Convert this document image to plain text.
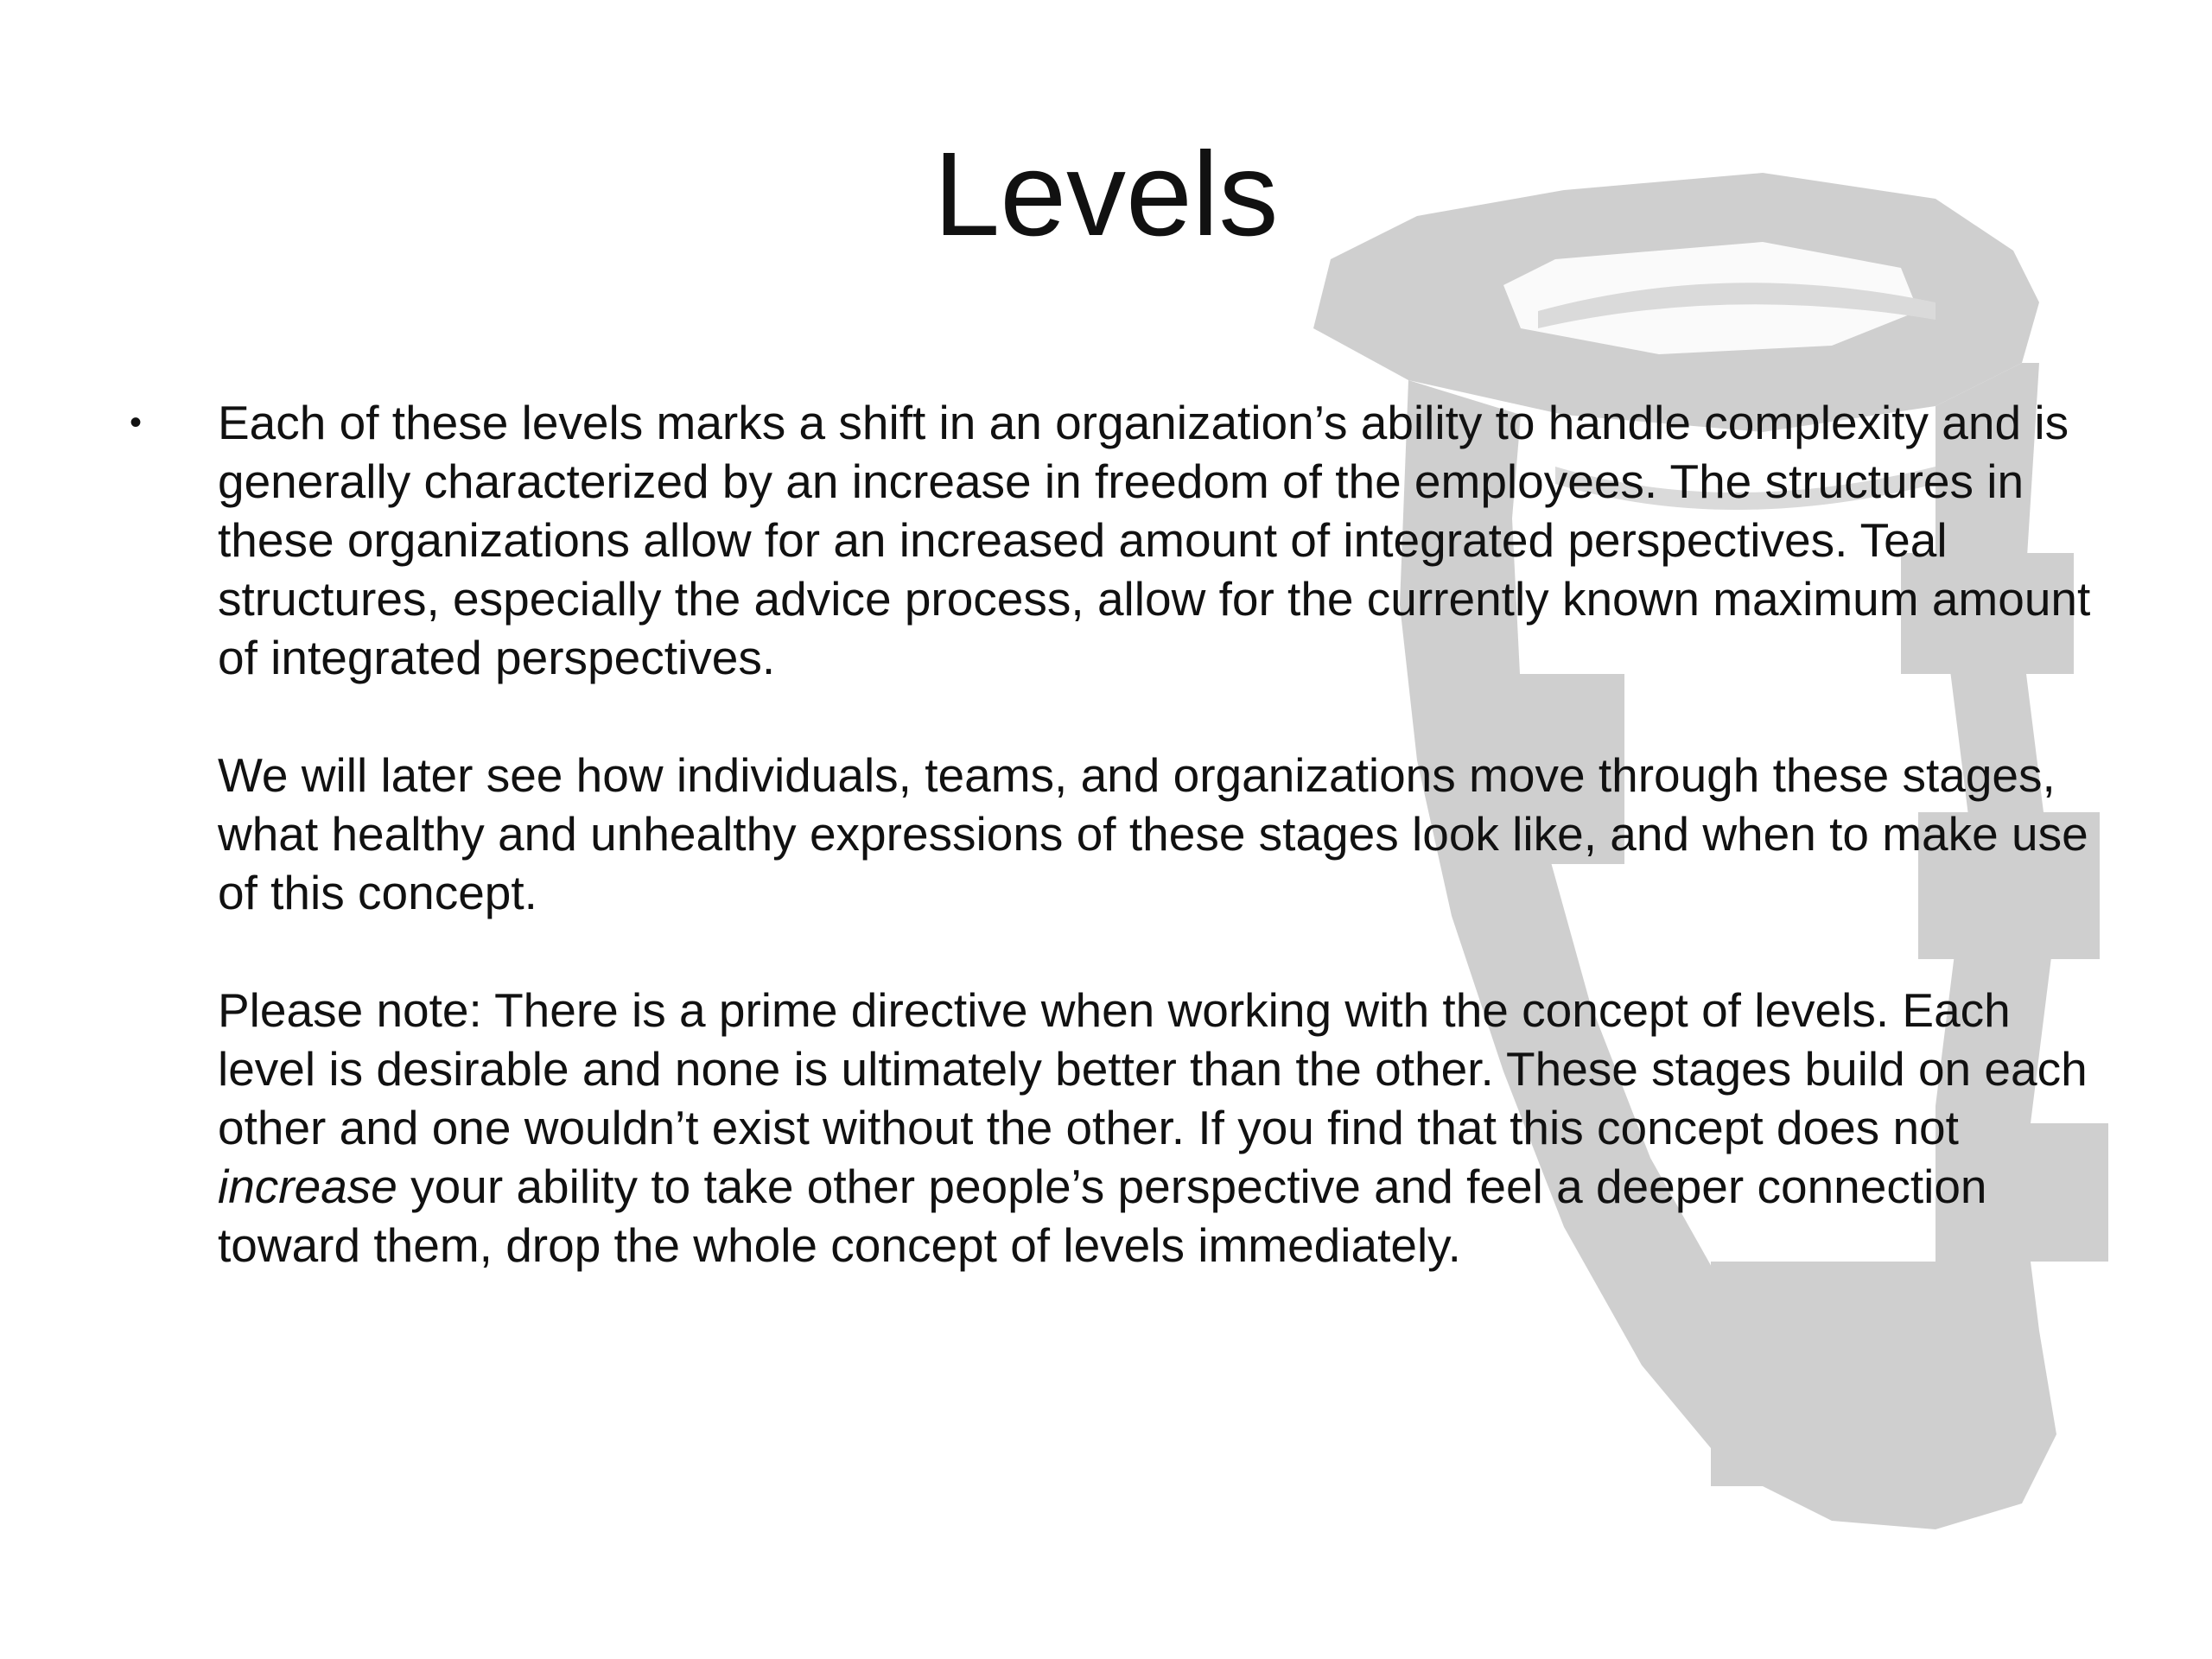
Levels
•	Each of these levels marks a shift in an organization’s ability to handle complexity and is generally characterized by an increase in freedom of the employees. The structures in these organizations allow for an increased amount of integrated perspectives. Teal structures, especially the advice process, allow for the currently known maximum amount of integrated perspectives.

We will later see how individuals, teams, and organizations move through these stages, what healthy and unhealthy expressions of these stages look like, and when to make use of this concept.

Please note: There is a prime directive when working with the concept of levels. Each level is desirable and none is ultimately better than the other. These stages build on each other and one wouldn’t exist without the other. If you find that this concept does not increase your ability to take other people’s perspective and feel a deeper connection toward them, drop the whole concept of levels immediately.
